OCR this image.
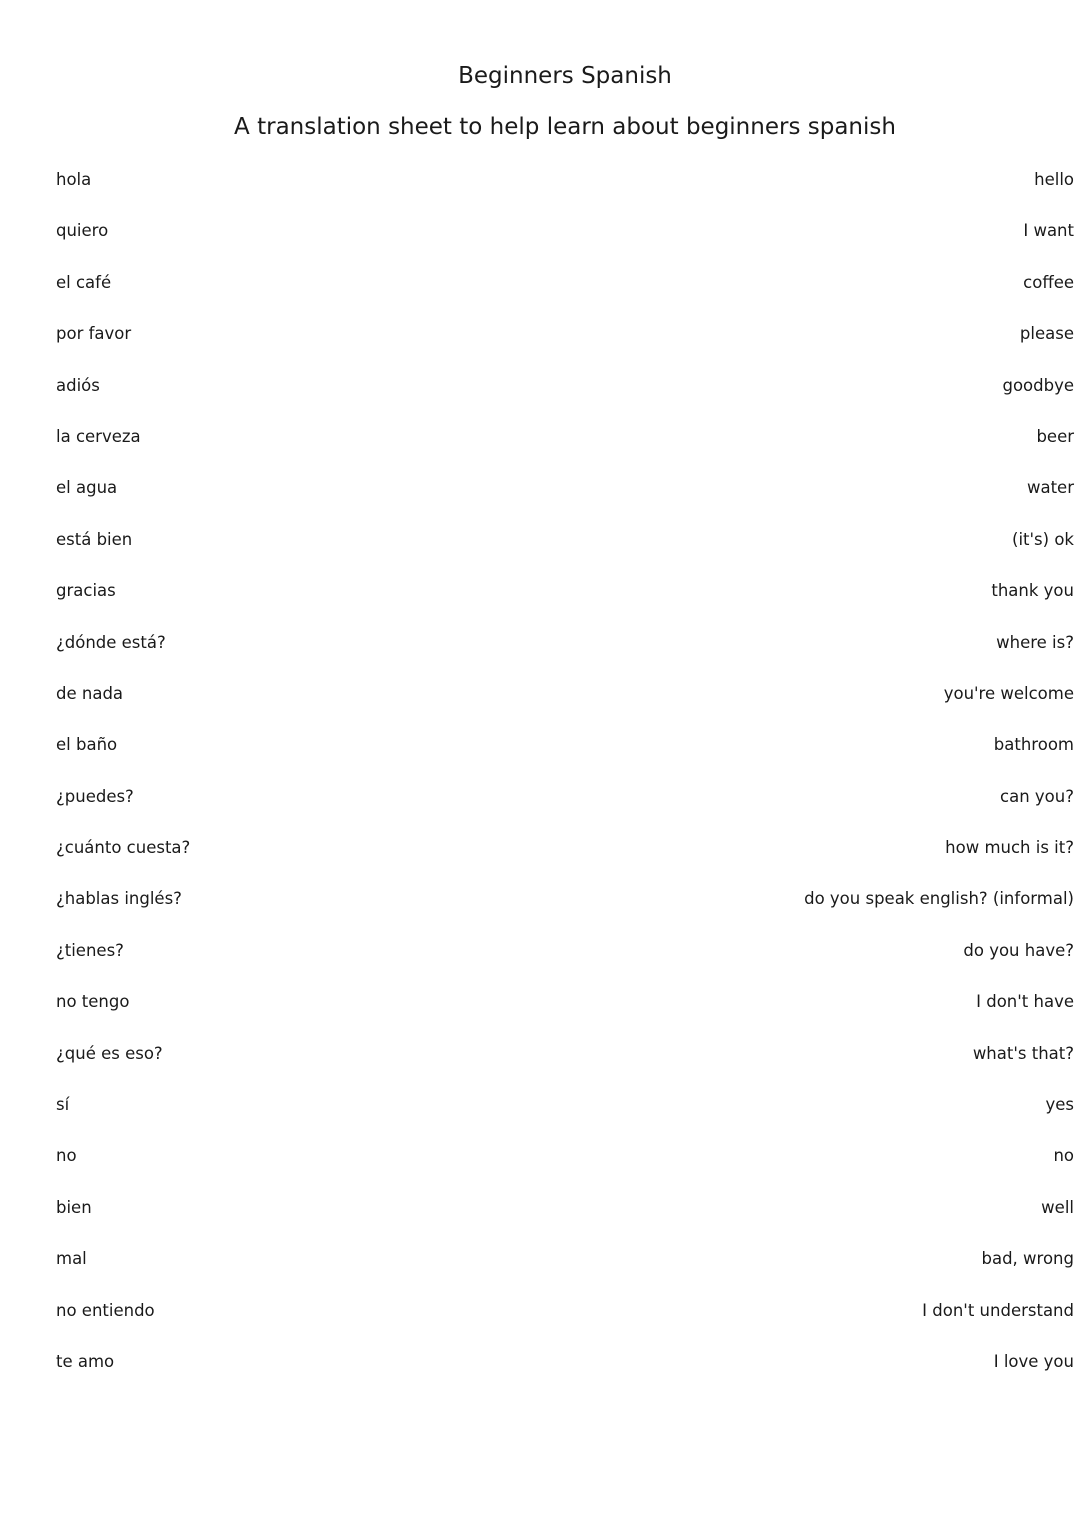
Beginners Spanish
A translation sheet to help learn about beginners spanish
hola	hello
quiero	I want
el café	coffee
por favor	please
adiós	goodbye
la cerveza	beer
el agua	water
está bien	(it's) ok
gracias	thank you
¿dónde está?	where is?
de nada	you're welcome
el baño	bathroom
¿puedes?	can you?
¿cuánto cuesta?	how much is it?
¿hablas inglés?	do you speak english? (informal)
¿tienes?	do you have?
no tengo	I don't have
¿qué es eso?	what's that?
sí	yes
no	no
bien	well
mal	bad, wrong
no entiendo	I don't understand
te amo	I love you
